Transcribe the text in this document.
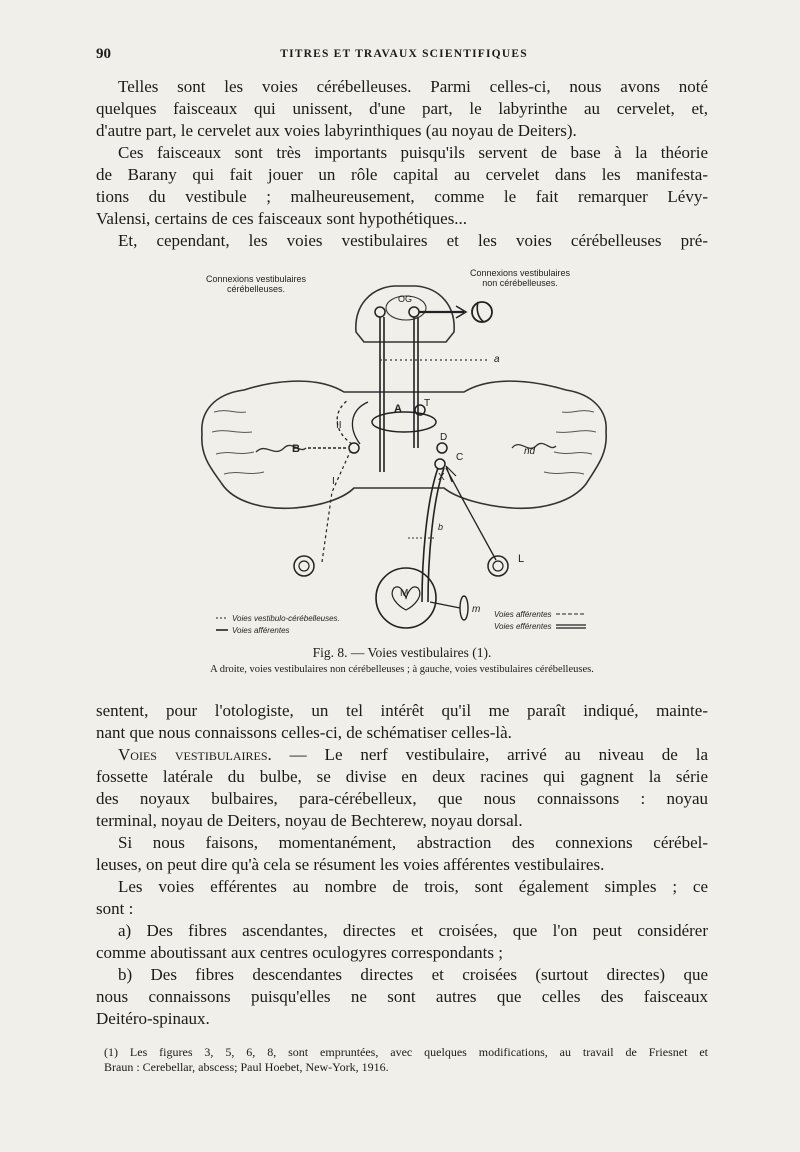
90	TITRES ET TRAVAUX SCIENTIFIQUES
Telles sont les voies cérébelleuses. Parmi celles-ci, nous avons noté
quelques faisceaux qui unissent, d'une part, le labyrinthe au cervelet, et,
d'autre part, le cervelet aux voies labyrinthiques (au noyau de Deiters).
Ces faisceaux sont très importants puisqu'ils servent de base à la théorie
de Barany qui fait jouer un rôle capital au cervelet dans les manifesta-
tions du vestibule ; malheureusement, comme le fait remarquer Lévy-
Valensi, certains de ces faisceaux sont hypothétiques...
Et, cependant, les voies vestibulaires et les voies cérébelleuses pré-
Connexions vestibulaires
cérébelleuses.
Connexions vestibulaires
non cérébelleuses.
OG
a
A T
II
B
I
D
C
X
nd
b
L
M
m
Voies vestibulo-cérébelleuses.
Voies afférentes
Voies afférentes
Voies efférentes
Fig. 8. — Voies vestibulaires (1).
A droite, voies vestibulaires non cérébelleuses ; à gauche, voies vestibulaires cérébelleuses.
sentent, pour l'otologiste, un tel intérêt qu'il me paraît indiqué, mainte-
nant que nous connaissons celles-ci, de schématiser celles-là.
Voies vestibulaires. — Le nerf vestibulaire, arrivé au niveau de la
fossette latérale du bulbe, se divise en deux racines qui gagnent la série
des noyaux bulbaires, para-cérébelleux, que nous connaissons : noyau
terminal, noyau de Deiters, noyau de Bechterew, noyau dorsal.
Si nous faisons, momentanément, abstraction des connexions cérébel-
leuses, on peut dire qu'à cela se résument les voies afférentes vestibulaires.
Les voies efférentes au nombre de trois, sont également simples ; ce
sont :
a) Des fibres ascendantes, directes et croisées, que l'on peut considérer
comme aboutissant aux centres oculogyres correspondants ;
b) Des fibres descendantes directes et croisées (surtout directes) que
nous connaissons puisqu'elles ne sont autres que celles des faisceaux
Deitéro-spinaux.
(1) Les figures 3, 5, 6, 8, sont empruntées, avec quelques modifications, au travail de Friesnet et
Braun : Cerebellar, abscess; Paul Hoebet, New-York, 1916.
